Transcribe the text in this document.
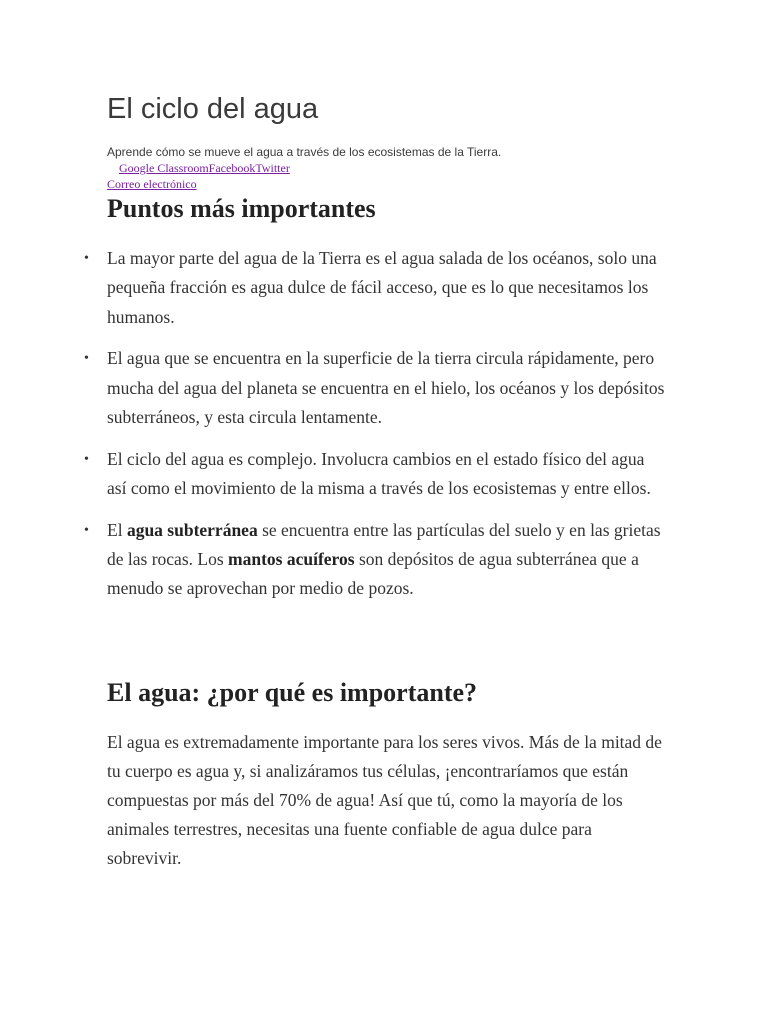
El ciclo del agua

Aprende cómo se mueve el agua a través de los ecosistemas de la Tierra.

Google ClassroomFacebookTwitter
Correo electrónico
Puntos más importantes
• La mayor parte del agua de la Tierra es el agua salada de los océanos, solo una pequeña fracción es agua dulce de fácil acceso, que es lo que necesitamos los humanos.
• El agua que se encuentra en la superficie de la tierra circula rápidamente, pero mucha del agua del planeta se encuentra en el hielo, los océanos y los depósitos subterráneos, y esta circula lentamente.
• El ciclo del agua es complejo. Involucra cambios en el estado físico del agua así como el movimiento de la misma a través de los ecosistemas y entre ellos.
• El agua subterránea se encuentra entre las partículas del suelo y en las grietas de las rocas. Los mantos acuíferos son depósitos de agua subterránea que a menudo se aprovechan por medio de pozos.
El agua: ¿por qué es importante?

El agua es extremadamente importante para los seres vivos. Más de la mitad de tu cuerpo es agua y, si analizáramos tus células, ¡encontraríamos que están compuestas por más del 70% de agua! Así que tú, como la mayoría de los animales terrestres, necesitas una fuente confiable de agua dulce para sobrevivir.
